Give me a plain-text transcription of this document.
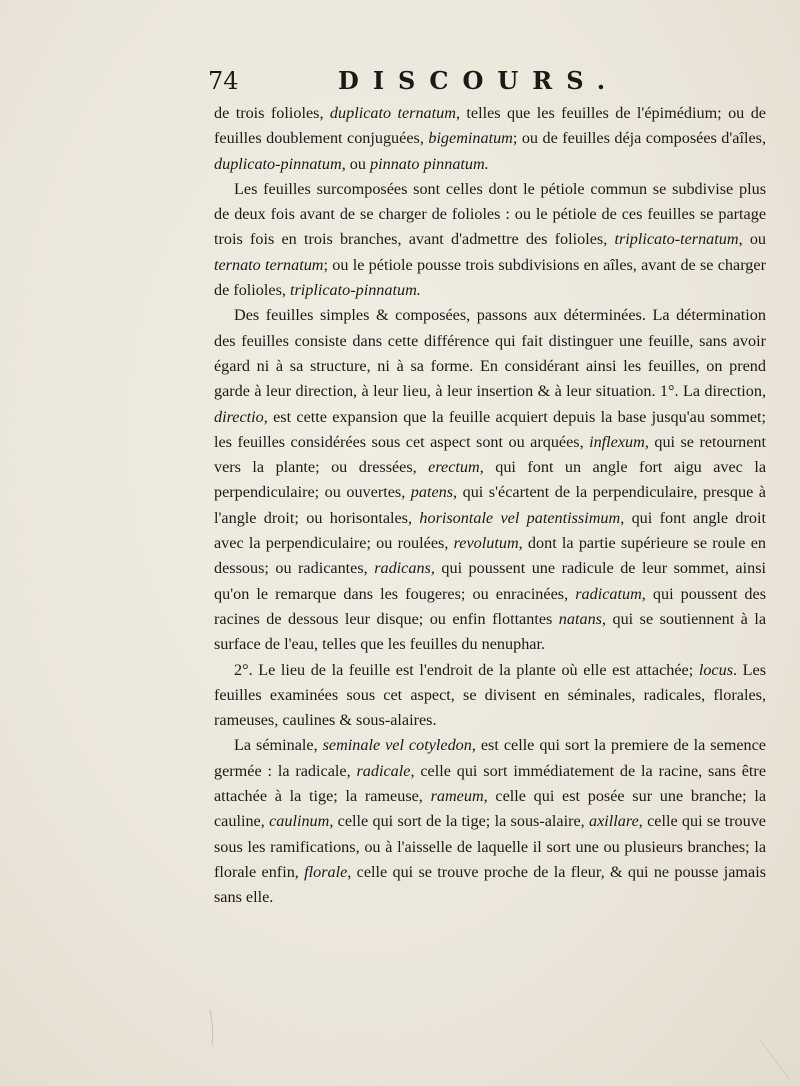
74	DISCOURS.

de trois folioles, duplicato ternatum, telles que les feuilles de l'épimédium; ou de feuilles doublement conjuguées, bigeminatum; ou de feuilles déja composées d'aîles, duplicato-pinnatum, ou pinnato pinnatum.

Les feuilles surcomposées sont celles dont le pétiole commun se subdivise plus de deux fois avant de se charger de folioles : ou le pétiole de ces feuilles se partage trois fois en trois branches, avant d'admettre des folioles, triplicato-ternatum, ou ternato ternatum; ou le pétiole pousse trois subdivisions en aîles, avant de se charger de folioles, triplicato-pinnatum.

Des feuilles simples & composées, passons aux déterminées. La détermination des feuilles consiste dans cette différence qui fait distinguer une feuille, sans avoir égard ni à sa structure, ni à sa forme. En considérant ainsi les feuilles, on prend garde à leur direction, à leur lieu, à leur insertion & à leur situation. 1°. La direction, directio, est cette expansion que la feuille acquiert depuis la base jusqu'au sommet; les feuilles considérées sous cet aspect sont ou arquées, inflexum, qui se retournent vers la plante; ou dressées, erectum, qui font un angle fort aigu avec la perpendiculaire; ou ouvertes, patens, qui s'écartent de la perpendiculaire, presque à l'angle droit; ou horisontales, horisontale vel patentissimum, qui font angle droit avec la perpendiculaire; ou roulées, revolutum, dont la partie supérieure se roule en dessous; ou radicantes, radicans, qui poussent une radicule de leur sommet, ainsi qu'on le remarque dans les fougeres; ou enracinées, radicatum, qui poussent des racines de dessous leur disque; ou enfin flottantes natans, qui se soutiennent à la surface de l'eau, telles que les feuilles du nenuphar.

2°. Le lieu de la feuille est l'endroit de la plante où elle est attachée; locus. Les feuilles examinées sous cet aspect, se divisent en séminales, radicales, florales, rameuses, caulines & sous-alaires.

La séminale, seminale vel cotyledon, est celle qui sort la premiere de la semence germée : la radicale, radicale, celle qui sort immédiatement de la racine, sans être attachée à la tige; la rameuse, rameum, celle qui est posée sur une branche; la cauline, caulinum, celle qui sort de la tige; la sous-alaire, axillare, celle qui se trouve sous les ramifications, ou à l'aisselle de laquelle il sort une ou plusieurs branches; la florale enfin, florale, celle qui se trouve proche de la fleur, & qui ne pousse jamais sans elle.
